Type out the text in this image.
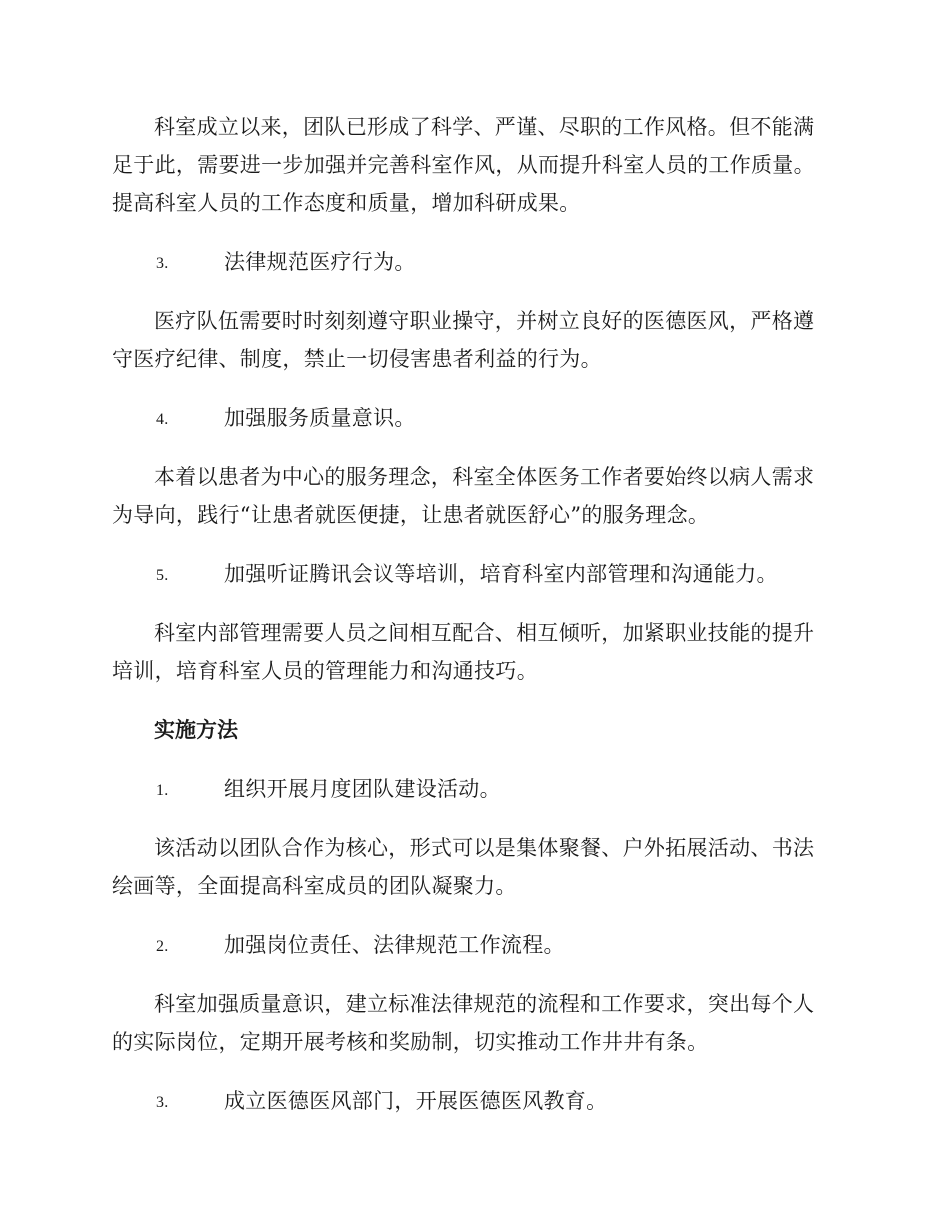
科室成立以来，团队已形成了科学、严谨、尽职的工作风格。但不能满足于此，需要进一步加强并完善科室作风，从而提升科室人员的工作质量。提高科室人员的工作态度和质量，增加科研成果。

3.	法律规范医疗行为。

医疗队伍需要时时刻刻遵守职业操守，并树立良好的医德医风，严格遵守医疗纪律、制度，禁止一切侵害患者利益的行为。

4.	加强服务质量意识。

本着以患者为中心的服务理念，科室全体医务工作者要始终以病人需求为导向，践行“让患者就医便捷，让患者就医舒心”的服务理念。

5.	加强听证腾讯会议等培训，培育科室内部管理和沟通能力。

科室内部管理需要人员之间相互配合、相互倾听，加紧职业技能的提升培训，培育科室人员的管理能力和沟通技巧。

实施方法
1.	组织开展月度团队建设活动。

该活动以团队合作为核心，形式可以是集体聚餐、户外拓展活动、书法绘画等，全面提高科室成员的团队凝聚力。

2.	加强岗位责任、法律规范工作流程。

科室加强质量意识，建立标准法律规范的流程和工作要求，突出每个人的实际岗位，定期开展考核和奖励制，切实推动工作井井有条。

3.	成立医德医风部门，开展医德医风教育。
